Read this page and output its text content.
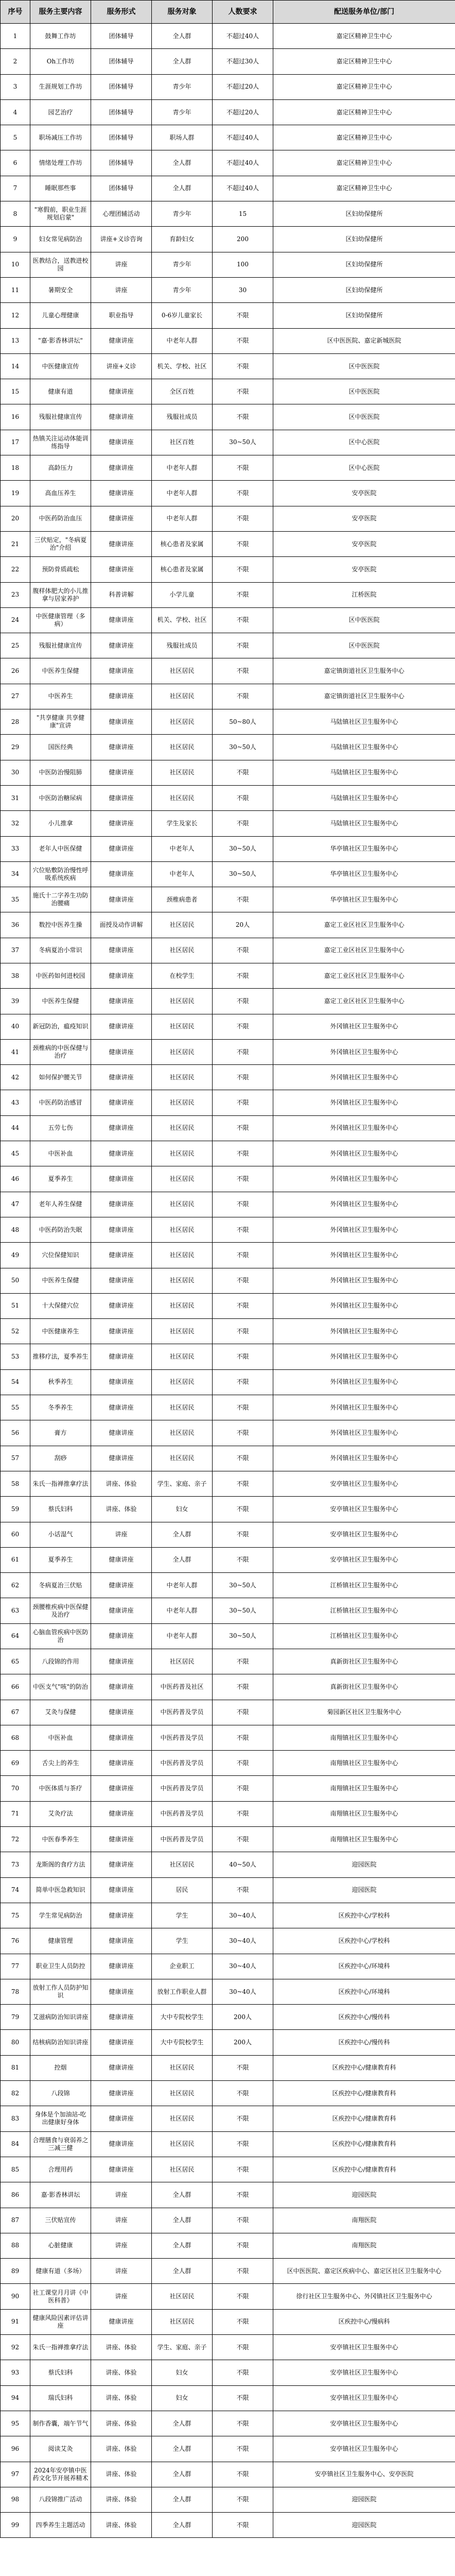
序号	服务主要内容	服务形式	服务对象	人数要求	配送服务单位/部门
1	鼓舞工作坊	团体辅导	全人群	不超过40人	嘉定区精神卫生中心
2	Oh工作坊	团体辅导	全人群	不超过30人	嘉定区精神卫生中心
3	生涯规划工作坊	团体辅导	青少年	不超过20人	嘉定区精神卫生中心
4	园艺治疗	团体辅导	青少年	不超过20人	嘉定区精神卫生中心
5	职场减压工作坊	团体辅导	职场人群	不超过40人	嘉定区精神卫生中心
6	情绪处理工作坊	团体辅导	全人群	不超过40人	嘉定区精神卫生中心
7	睡眠那些事	团体辅导	全人群	不超过40人	嘉定区精神卫生中心
8	"寒假前，职业生涯规划启蒙"	心理团辅活动	青少年	15	区妇幼保健所
9	妇女常见病防治	讲座+义诊咨询	育龄妇女	200	区妇幼保健所
10	医教结合，送教进校园	讲座	青少年	100	区妇幼保健所
11	暑期安全	讲座	青少年	30	区妇幼保健所
12	儿童心理健康	职业指导	0-6岁儿童家长	不限	区妇幼保健所
13	"嘉·影香林讲坛"	健康讲座	中老年人群	不限	区中医医院、嘉定新城医院
14	中医健康宣传	讲座+义诊	机关、学校、社区	不限	区中医医院
15	健康有道	健康讲座	全区百姓	不限	区中医医院
16	残服社健康宣传	健康讲座	残服社成员	不限	区中医医院
17	热镇关注运动体能训练指导	健康讲座	社区百姓	30~50人	区中心医院
18	高龄压力	健康讲座	中老年人群	不限	区中心医院
19	高血压养生	健康讲座	中老年人群	不限	安亭医院
20	中医药防治血压	健康讲座	中老年人群	不限	安亭医院
21	三伏贴定，"冬病夏治"介绍	健康讲座	核心患者及家属	不限	安亭医院
22	预防骨质疏松	健康讲座	核心患者及家属	不限	安亭医院
23	腹样体肥大的小儿推拿与居家养护	科普讲解	小学儿童	不限	江桥医院
24	中医健康管理（多病）	健康讲座	机关、学校、社区	不限	区中医医院
25	残服社健康宣传	健康讲座	残服社成员	不限	区中医医院
26	中医养生保健	健康讲座	社区居民	不限	嘉定镇街道社区卫生服务中心
27	中医养生	健康讲座	社区居民	不限	嘉定镇街道社区卫生服务中心
28	"共享健康 共享健康"宣讲	健康讲座	社区居民	50~80人	马陆镇社区卫生服务中心
29	国医经典	健康讲座	社区居民	30~50人	马陆镇社区卫生服务中心
30	中医防治慢阻肺	健康讲座	社区居民	不限	马陆镇社区卫生服务中心
31	中医防治糖尿病	健康讲座	社区居民	不限	马陆镇社区卫生服务中心
32	小儿推拿	健康讲座	学生及家长	不限	马陆镇社区卫生服务中心
33	老年人中医保健	健康讲座	中老年人	30~50人	华亭镇社区卫生服务中心
34	穴位贴敷防治慢性呼吸系统疾病	健康讲座	中老年人	30~50人	华亭镇社区卫生服务中心
35	施氏十二字养生功防治腰痛	健康讲座	颈椎病患者	不限	华亭镇社区卫生服务中心
36	数控中医养生操	面授及动作讲解	社区居民	20人	嘉定工业区社区卫生服务中心
37	冬病夏治小常识	健康讲座	社区居民	不限	嘉定工业区社区卫生服务中心
38	中医药如何进校园	健康讲座	在校学生	不限	嘉定工业区社区卫生服务中心
39	中医养生保健	健康讲座	社区居民	不限	嘉定工业区社区卫生服务中心
40	新冠防治，瘟疫知识	健康讲座	社区居民	不限	外冈镇社区卫生服务中心
41	颈椎病的中医保健与治疗	健康讲座	社区居民	不限	外冈镇社区卫生服务中心
42	如何保护腰关节	健康讲座	社区居民	不限	外冈镇社区卫生服务中心
43	中医药防治感冒	健康讲座	社区居民	不限	外冈镇社区卫生服务中心
44	五劳七伤	健康讲座	社区居民	不限	外冈镇社区卫生服务中心
45	中医补血	健康讲座	社区居民	不限	外冈镇社区卫生服务中心
46	夏季养生	健康讲座	社区居民	不限	外冈镇社区卫生服务中心
47	老年人养生保健	健康讲座	社区居民	不限	外冈镇社区卫生服务中心
48	中医药防治失眠	健康讲座	社区居民	不限	外冈镇社区卫生服务中心
49	穴位保健知识	健康讲座	社区居民	不限	外冈镇社区卫生服务中心
50	中医养生保健	健康讲座	社区居民	不限	外冈镇社区卫生服务中心
51	十大保健穴位	健康讲座	社区居民	不限	外冈镇社区卫生服务中心
52	中医健康养生	健康讲座	社区居民	不限	外冈镇社区卫生服务中心
53	推移疗法，夏季养生	健康讲座	社区居民	不限	外冈镇社区卫生服务中心
54	秋季养生	健康讲座	社区居民	不限	外冈镇社区卫生服务中心
55	冬季养生	健康讲座	社区居民	不限	外冈镇社区卫生服务中心
56	膏方	健康讲座	社区居民	不限	外冈镇社区卫生服务中心
57	刮痧	健康讲座	社区居民	不限	外冈镇社区卫生服务中心
58	朱氏一指禅推拿疗法	讲座、体验	学生、家庭、亲子	不限	安亭镇社区卫生服务中心
59	蔡氏妇科	讲座、体验	妇女	不限	安亭镇社区卫生服务中心
60	小话湿气	讲座	全人群	不限	安亭镇社区卫生服务中心
61	夏季养生	健康讲座	全人群	不限	安亭镇社区卫生服务中心
62	冬病夏治三伏贴	健康讲座	中老年人群	30~50人	江桥镇社区卫生服务中心
63	颈腰椎疾病中医保健及治疗	健康讲座	中老年人群	30~50人	江桥镇社区卫生服务中心
64	心脑血管疾病中医防治	健康讲座	中老年人群	30~50人	江桥镇社区卫生服务中心
65	八段锦的作用	健康讲座	社区居民	不限	真新街社区卫生服务中心
66	中医支气"咳"的防治	健康讲座	中医药普及社区	不限	真新街社区卫生服务中心
67	艾灸与保健	健康讲座	中医药普及学员	不限	菊园新区社区卫生服务中心
68	中医补血	健康讲座	中医药普及学员	不限	南翔镇社区卫生服务中心
69	舌尖上的养生	健康讲座	中医药普及学员	不限	南翔镇社区卫生服务中心
70	中医体质与茶疗	健康讲座	中医药普及学员	不限	南翔镇社区卫生服务中心
71	艾灸疗法	健康讲座	中医药普及学员	不限	南翔镇社区卫生服务中心
72	中医春季养生	健康讲座	中医药普及学员	不限	南翔镇社区卫生服务中心
73	龙斯阁的食疗方法	健康讲座	社区居民	40~50人	迎园医院
74	简单中医急救知识	健康讲座	居民	不限	迎园医院
75	学生常见病防治	健康讲座	学生	30~40人	区疾控中心/学校科
76	健康管理	健康讲座	学生	30~40人	区疾控中心/学校科
77	职业卫生人员防控	健康讲座	企业职工	30~40人	区疾控中心/环境科
78	放射工作人员防护知识	健康讲座	放射工作职业人群	30~40人	区疾控中心/环境科
79	艾滋病防治知识讲座	健康讲座	大中专院校学生	200人	区疾控中心/慢传科
80	结核病防治知识讲座	健康讲座	大中专院校学生	200人	区疾控中心/慢传科
81	控烟	健康讲座	社区居民	不限	区疾控中心/健康教育科
82	八段锦	健康讲座	社区居民	不限	区疾控中心/健康教育科
83	身体是个加油站-吃出健康好身体	健康讲座	社区居民	不限	区疾控中心/健康教育科
84	合理膳食与衰弱养之三减三健	健康讲座	社区居民	不限	区疾控中心/健康教育科
85	合理用药	健康讲座	社区居民	不限	区疾控中心/健康教育科
86	嘉·影香林讲坛	讲座	全人群	不限	迎园医院
87	三伏贴宣传	讲座	全人群	不限	南翔医院
88	心脏健康	讲座	全人群	不限	南翔医院
89	健康有道（多场）	讲座	全人群	不限	区中医医院、嘉定区疾病中心、嘉定区社区卫生服务中心
90	社工课堂月月讲《中医科普》	讲座	社区居民	不限	徐行社区卫生服务中心、外冈镇社区卫生服务中心
91	健康风险因素评估讲座	健康讲座	社区居民	不限	区疾控中心/慢病科
92	朱氏一指禅推拿疗法	讲座、体验	学生、家庭、亲子	不限	安亭镇社区卫生服务中心
93	蔡氏妇科	讲座、体验	妇女	不限	安亭镇社区卫生服务中心
94	瑞氏妇科	讲座、体验	妇女	不限	安亭镇社区卫生服务中心
95	制作香囊，端午节气	讲座、体验	全人群	不限	安亭镇社区卫生服务中心
96	阅读艾灸	讲座、体验	全人群	不限	安亭镇社区卫生服务中心
97	2024年安亭镇中医药文化节开展养精术	讲座、体验	全人群	不限	安亭镇社区卫生服务中心、安亭医院
98	八段锦推广活动	讲座、体验	全人群	不限	迎园医院
99	四季养生主题活动	讲座、体验	全人群	不限	迎园医院
